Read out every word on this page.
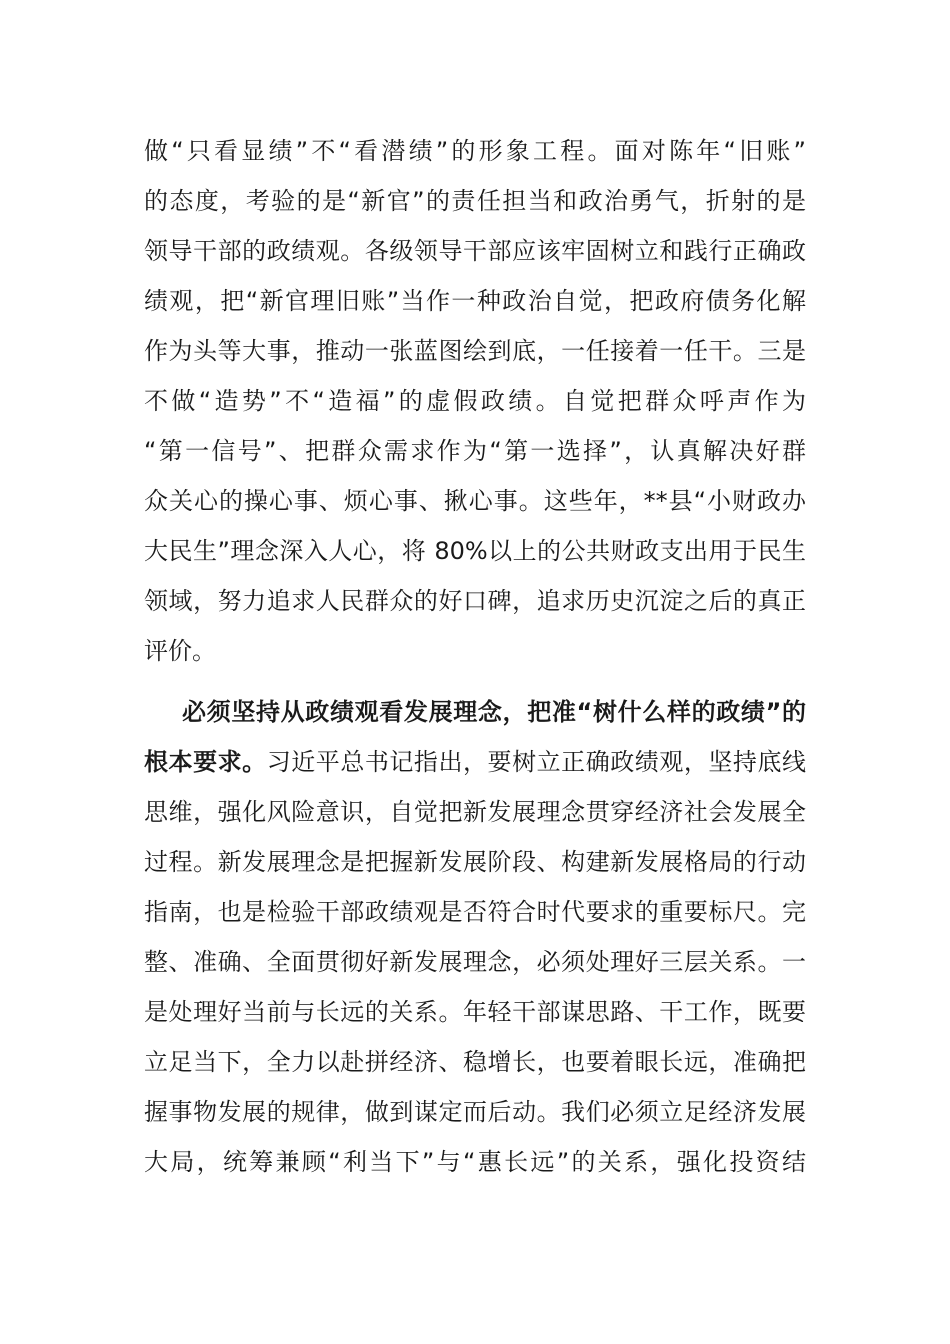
做“只看显绩”不“看潜绩”的形象工程。面对陈年“旧账”
的态度，考验的是“新官”的责任担当和政治勇气，折射的是
领导干部的政绩观。各级领导干部应该牢固树立和践行正确政
绩观，把“新官理旧账”当作一种政治自觉，把政府债务化解
作为头等大事，推动一张蓝图绘到底，一任接着一任干。三是
不做“造势”不“造福”的虚假政绩。自觉把群众呼声作为
“第一信号”、把群众需求作为“第一选择”，认真解决好群
众关心的操心事、烦心事、揪心事。这些年，**县“小财政办
大民生”理念深入人心，将 80%以上的公共财政支出用于民生
领域，努力追求人民群众的好口碑，追求历史沉淀之后的真正
评价。
必须坚持从政绩观看发展理念，把准“树什么样的政绩”的
根本要求。习近平总书记指出，要树立正确政绩观，坚持底线
思维，强化风险意识，自觉把新发展理念贯穿经济社会发展全
过程。新发展理念是把握新发展阶段、构建新发展格局的行动
指南，也是检验干部政绩观是否符合时代要求的重要标尺。完
整、准确、全面贯彻好新发展理念，必须处理好三层关系。一
是处理好当前与长远的关系。年轻干部谋思路、干工作，既要
立足当下，全力以赴拼经济、稳增长，也要着眼长远，准确把
握事物发展的规律，做到谋定而后动。我们必须立足经济发展
大局，统筹兼顾“利当下”与“惠长远”的关系，强化投资结
